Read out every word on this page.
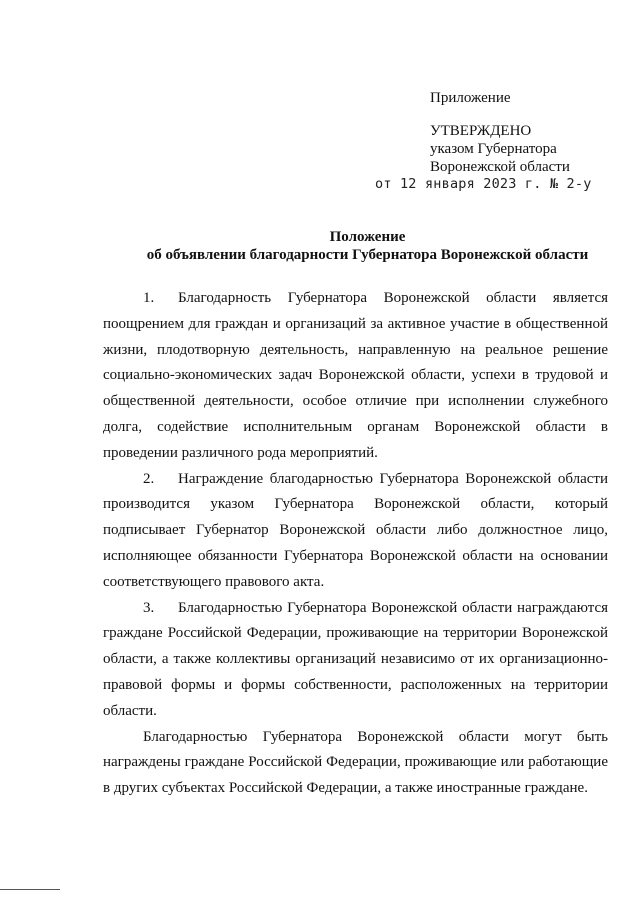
Приложение
УТВЕРЖДЕНО
указом Губернатора
Воронежской области
от 12 января 2023 г. № 2-у
Положение
об объявлении благодарности Губернатора Воронежской области

1. Благодарность Губернатора Воронежской области является поощрением для граждан и организаций за активное участие в общественной жизни, плодотворную деятельность, направленную на реальное решение социально-экономических задач Воронежской области, успехи в трудовой и общественной деятельности, особое отличие при исполнении служебного долга, содействие исполнительным органам Воронежской области в проведении различного рода мероприятий.

2. Награждение благодарностью Губернатора Воронежской области производится указом Губернатора Воронежской области, который подписывает Губернатор Воронежской области либо должностное лицо, исполняющее обязанности Губернатора Воронежской области на основании соответствующего правового акта.

3. Благодарностью Губернатора Воронежской области награждаются граждане Российской Федерации, проживающие на территории Воронежской области, а также коллективы организаций независимо от их организационно-правовой формы и формы собственности, расположенных на территории области.

Благодарностью Губернатора Воронежской области могут быть награждены граждане Российской Федерации, проживающие или работающие в других субъектах Российской Федерации, а также иностранные граждане.
